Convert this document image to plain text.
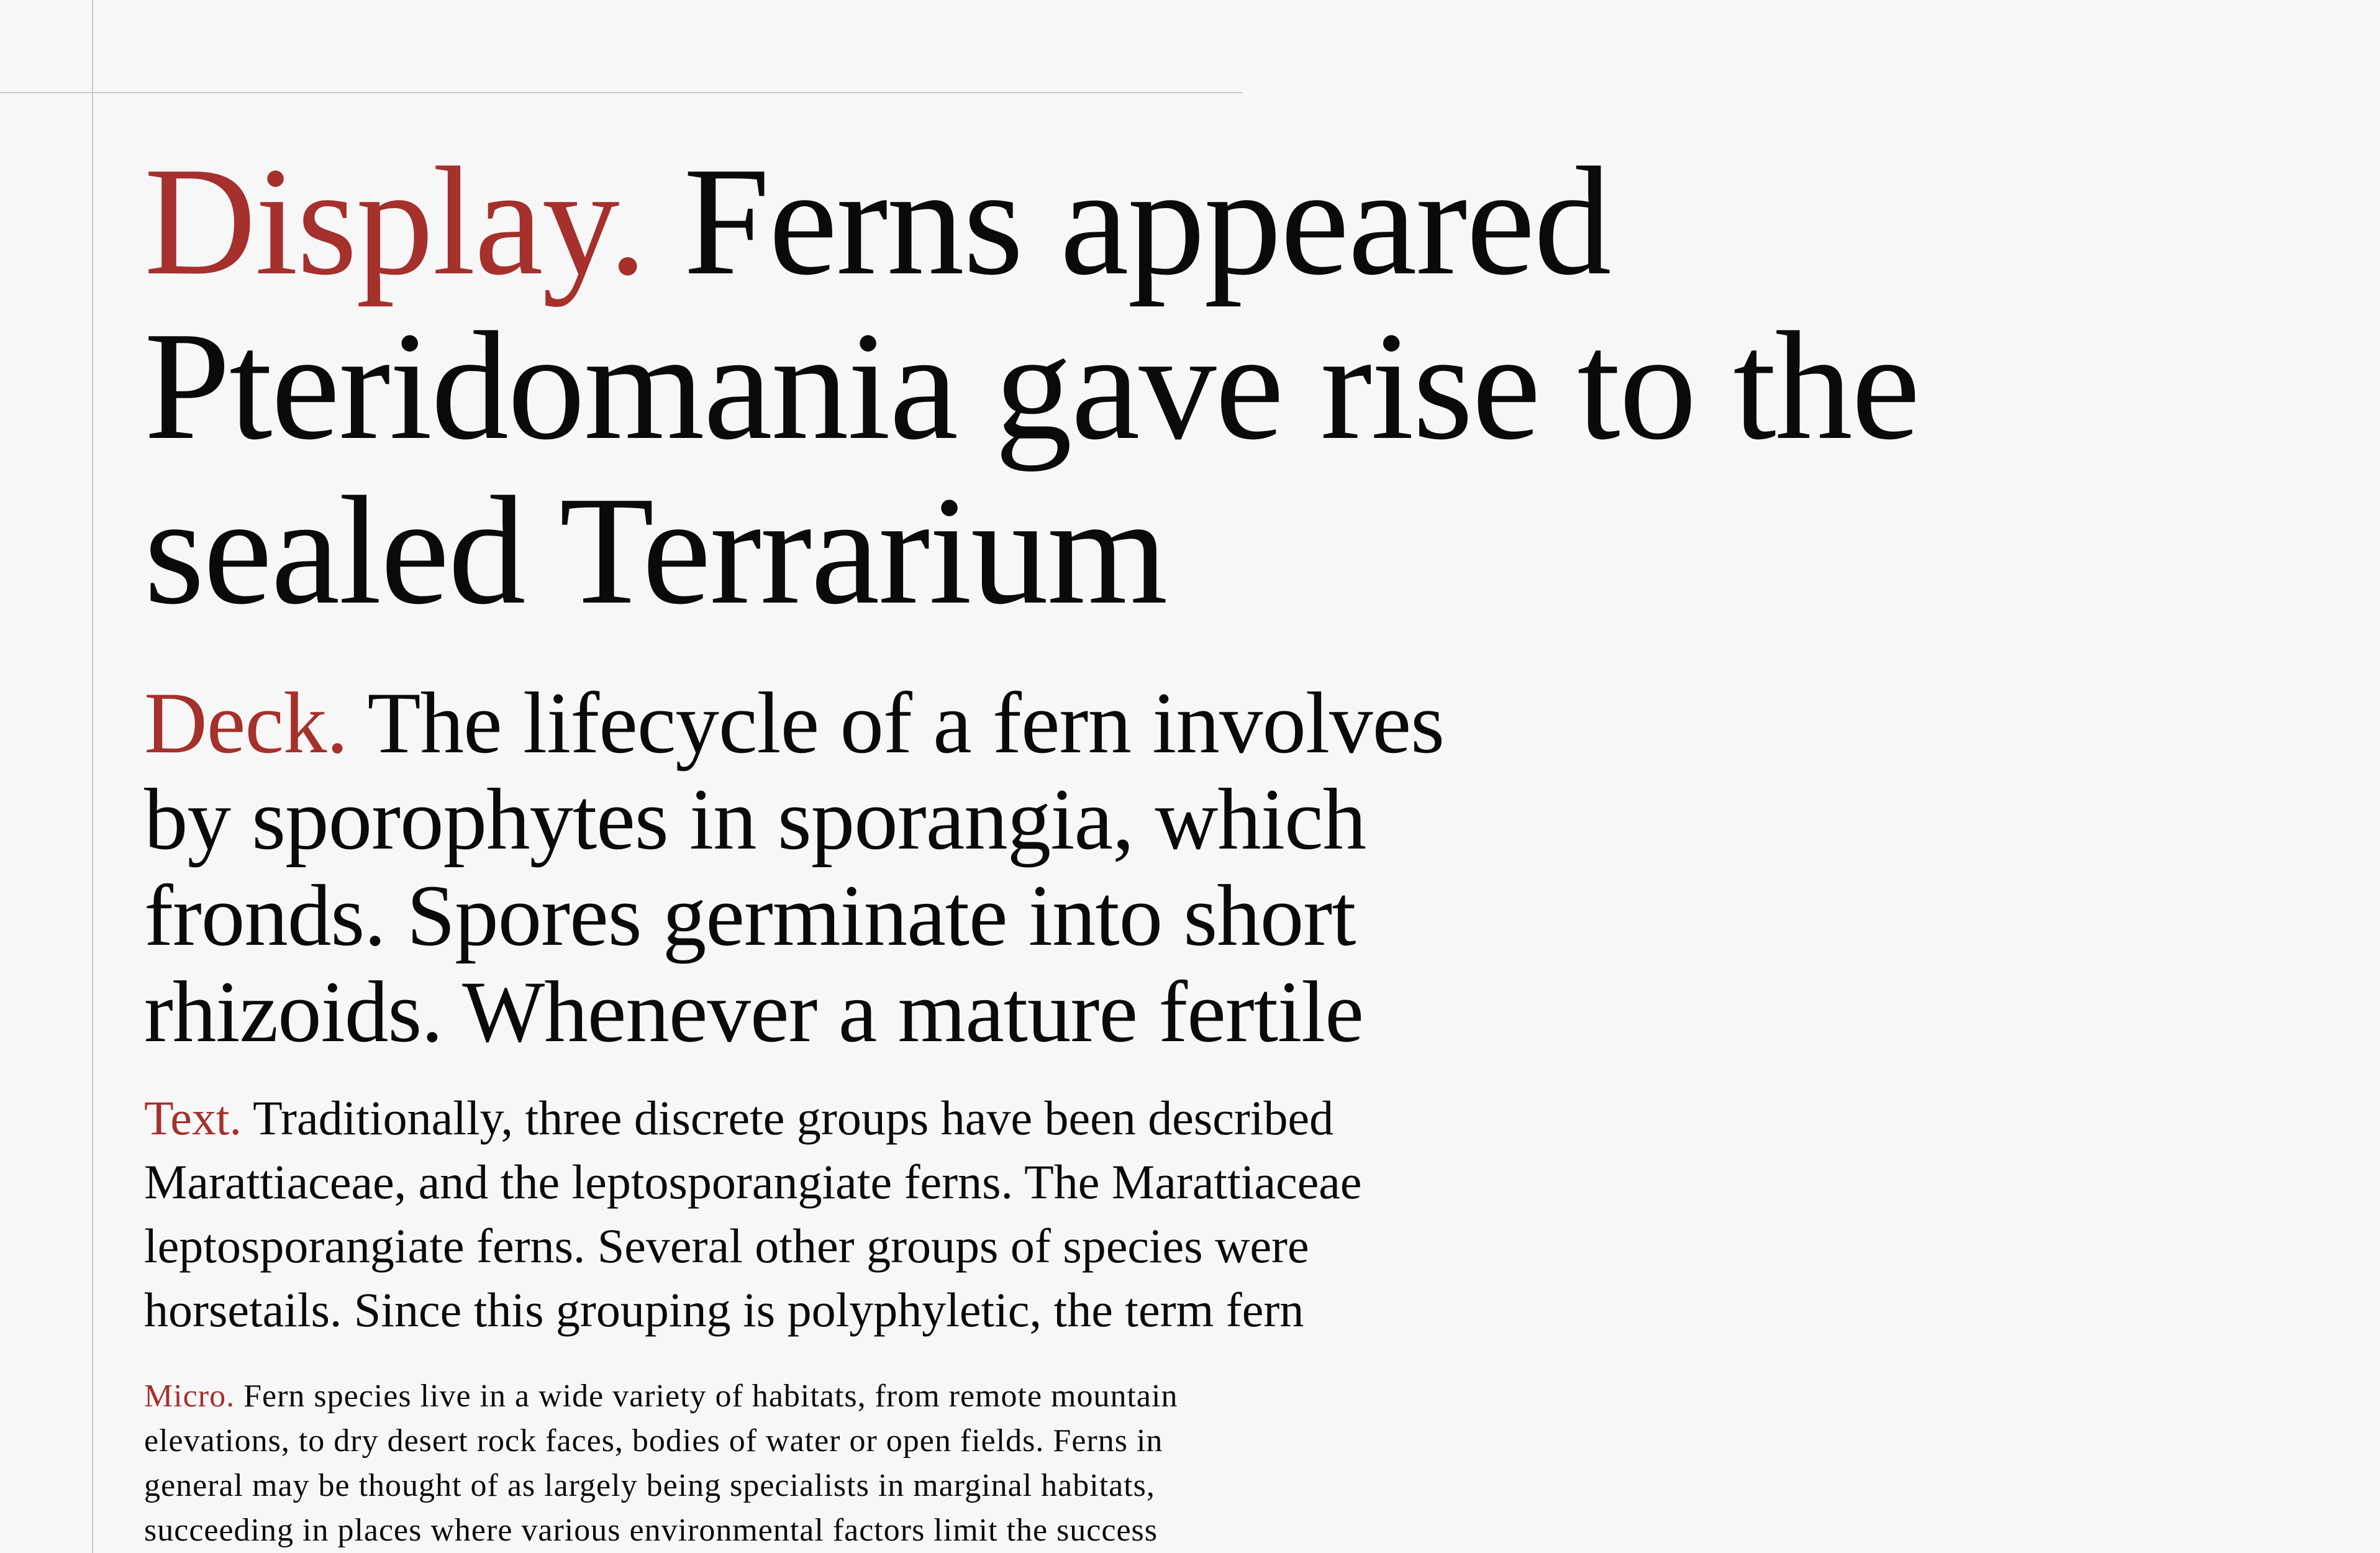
Display. Ferns appeared
Pteridomania gave rise to the
sealed Terrarium

Deck. The lifecycle of a fern involves
by sporophytes in sporangia, which
fronds. Spores germinate into short
rhizoids. Whenever a mature fertile

Text. Traditionally, three discrete groups have been described
Marattiaceae, and the leptosporangiate ferns. The Marattiaceae
leptosporangiate ferns. Several other groups of species were
horsetails. Since this grouping is polyphyletic, the term fern

Micro. Fern species live in a wide variety of habitats, from remote mountain
elevations, to dry desert rock faces, bodies of water or open fields. Ferns in
general may be thought of as largely being specialists in marginal habitats,
succeeding in places where various environmental factors limit the success
